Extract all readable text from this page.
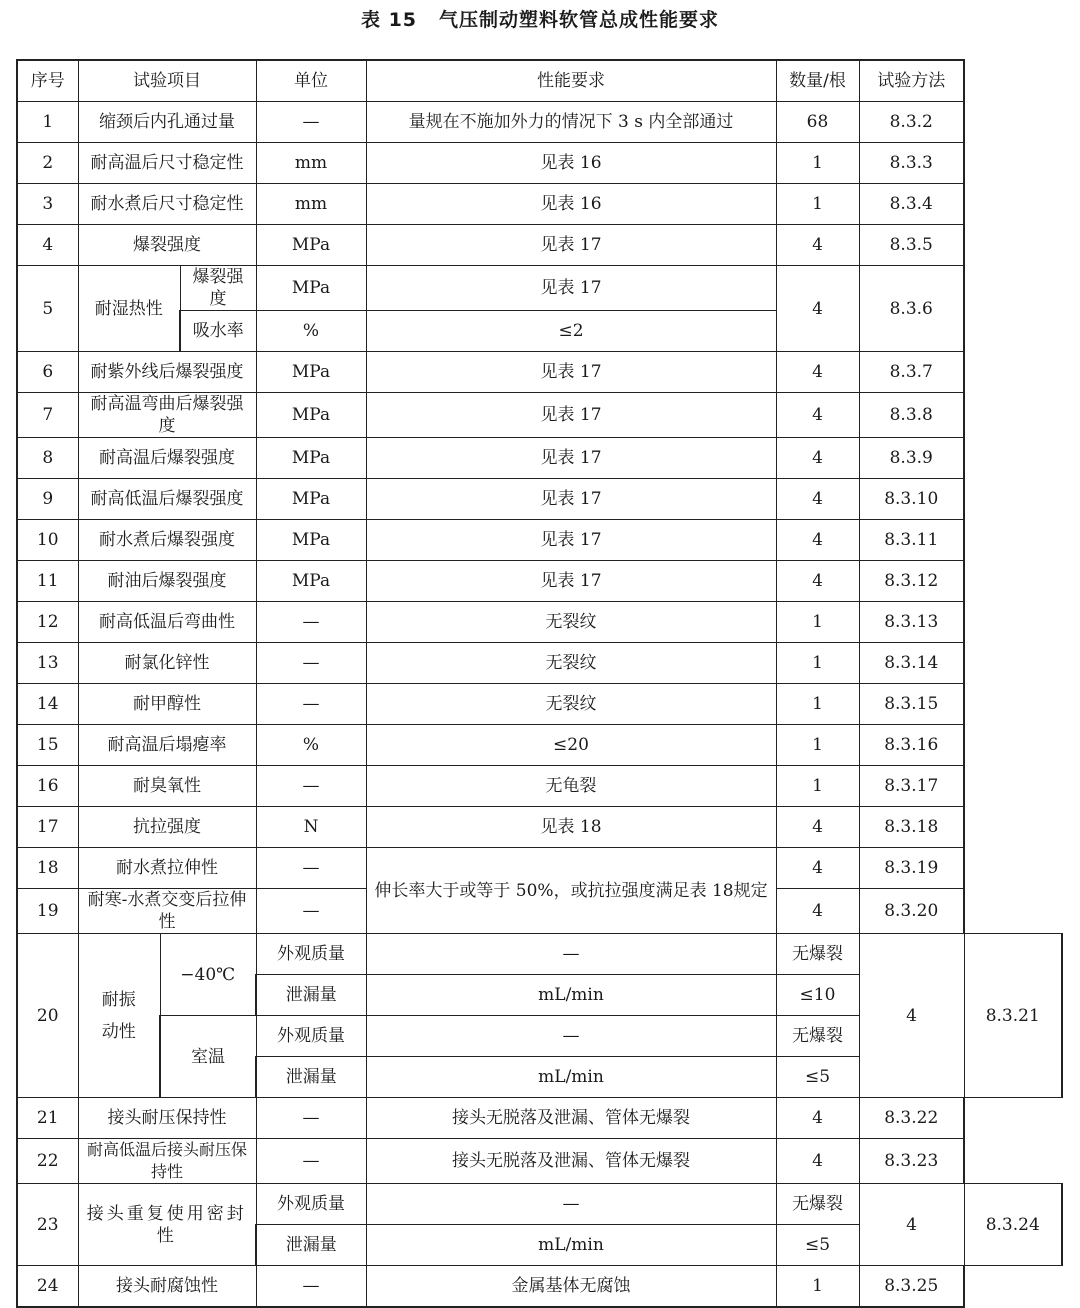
表 15 气压制动塑料软管总成性能要求
序号	试验项目			单位	性能要求	数量/根	试验方法	
1	缩颈后内孔通过量			—	量规在不施加外力的情况下 3 s 内全部通过	68	8.3.2	
2	耐高温后尺寸稳定性			mm	见表 16	1	8.3.3	
3	耐水煮后尺寸稳定性			mm	见表 16	1	8.3.4	
4	爆裂强度			MPa	见表 17	4	8.3.5	
5	耐湿热性		爆裂强度	MPa	见表 17	4	8.3.6	
			吸水率	%	≤2			
6	耐紫外线后爆裂强度			MPa	见表 17	4	8.3.7	
7	耐高温弯曲后爆裂强度			MPa	见表 17	4	8.3.8	
8	耐高温后爆裂强度			MPa	见表 17	4	8.3.9	
9	耐高低温后爆裂强度			MPa	见表 17	4	8.3.10	
10	耐水煮后爆裂强度			MPa	见表 17	4	8.3.11	
11	耐油后爆裂强度			MPa	见表 17	4	8.3.12	
12	耐高低温后弯曲性			—	无裂纹	1	8.3.13	
13	耐氯化锌性			—	无裂纹	1	8.3.14	
14	耐甲醇性			—	无裂纹	1	8.3.15	
15	耐高温后塌瘪率			%	≤20	1	8.3.16	
16	耐臭氧性			—	无龟裂	1	8.3.17	
17	抗拉强度			N	见表 18	4	8.3.18	
18	耐水煮拉伸性			—	伸长率大于或等于 50%，或抗拉强度满足表 18规定	4	8.3.19	
19	耐寒-水煮交变后拉伸性			—		4	8.3.20	
20	耐振动性	−40℃		外观质量	—	无爆裂	4	8.3.21
				泄漏量	mL/min	≤10		
		室温		外观质量	—	无爆裂		
				泄漏量	mL/min	≤5		
21	接头耐压保持性			—	接头无脱落及泄漏、管体无爆裂	4	8.3.22	
22	耐高低温后接头耐压保持性			—	接头无脱落及泄漏、管体无爆裂	4	8.3.23	
23	接头重复使用密封性			外观质量	—	无爆裂	4	8.3.24
				泄漏量	mL/min	≤5		
24	接头耐腐蚀性			—	金属基体无腐蚀	1	8.3.25	
